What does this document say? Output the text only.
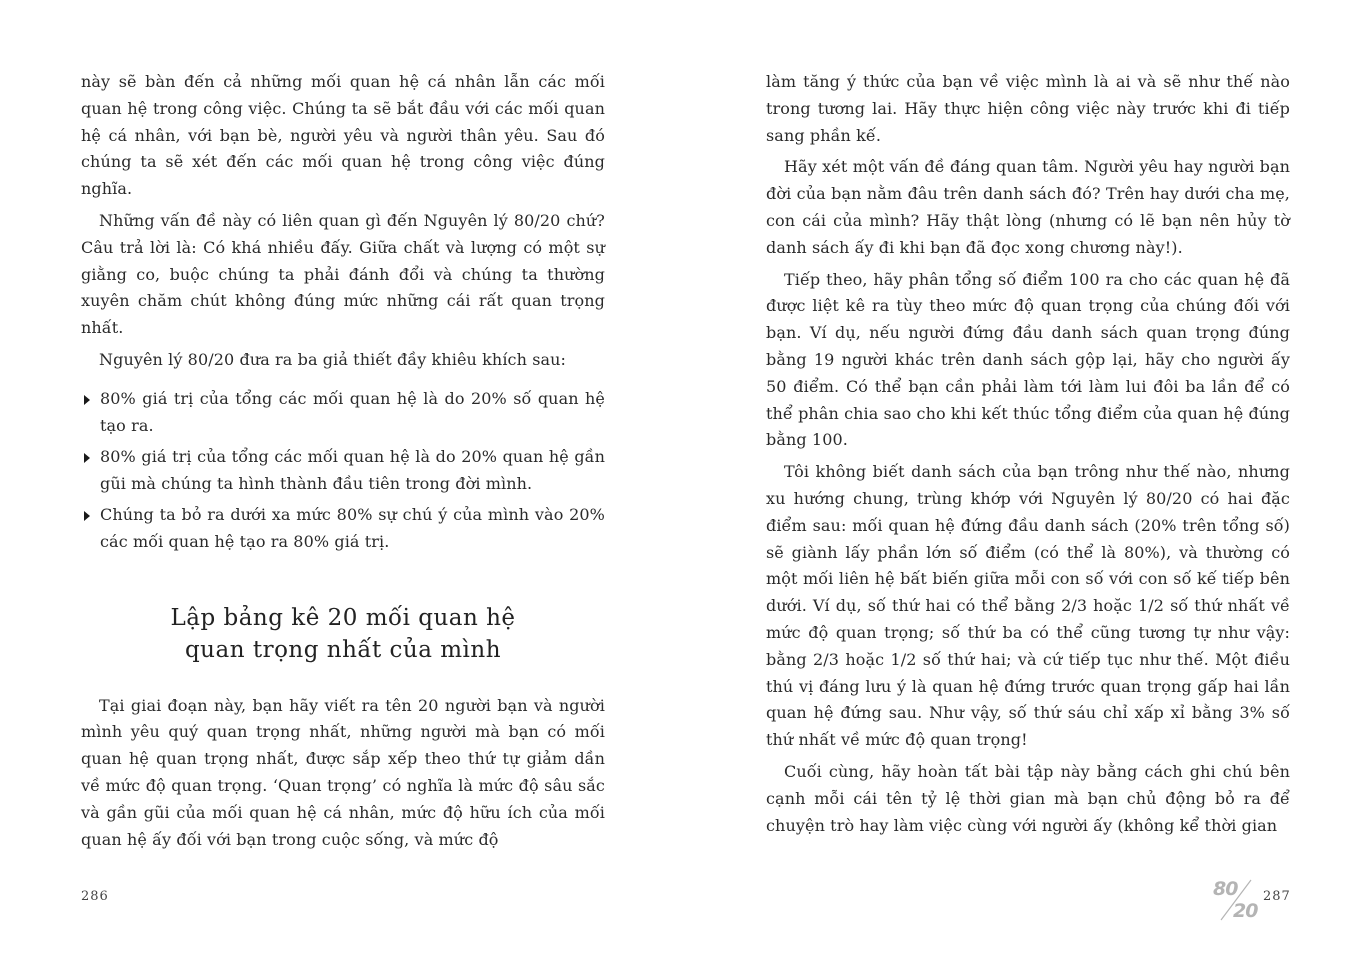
này sẽ bàn đến cả những mối quan hệ cá nhân lẫn các mối quan hệ trong công việc. Chúng ta sẽ bắt đầu với các mối quan hệ cá nhân, với bạn bè, người yêu và người thân yêu. Sau đó chúng ta sẽ xét đến các mối quan hệ trong công việc đúng nghĩa.

Những vấn đề này có liên quan gì đến Nguyên lý 80/20 chứ? Câu trả lời là: Có khá nhiều đấy. Giữa chất và lượng có một sự giằng co, buộc chúng ta phải đánh đổi và chúng ta thường xuyên chăm chút không đúng mức những cái rất quan trọng nhất.

Nguyên lý 80/20 đưa ra ba giả thiết đầy khiêu khích sau:

80% giá trị của tổng các mối quan hệ là do 20% số quan hệ tạo ra.
80% giá trị của tổng các mối quan hệ là do 20% quan hệ gần gũi mà chúng ta hình thành đầu tiên trong đời mình.
Chúng ta bỏ ra dưới xa mức 80% sự chú ý của mình vào 20% các mối quan hệ tạo ra 80% giá trị.
Lập bảng kê 20 mối quan hệ
quan trọng nhất của mình

Tại giai đoạn này, bạn hãy viết ra tên 20 người bạn và người mình yêu quý quan trọng nhất, những người mà bạn có mối quan hệ quan trọng nhất, được sắp xếp theo thứ tự giảm dần về mức độ quan trọng. ‘Quan trọng’ có nghĩa là mức độ sâu sắc và gần gũi của mối quan hệ cá nhân, mức độ hữu ích của mối quan hệ ấy đối với bạn trong cuộc sống, và mức độ

286

làm tăng ý thức của bạn về việc mình là ai và sẽ như thế nào trong tương lai. Hãy thực hiện công việc này trước khi đi tiếp sang phần kế.

Hãy xét một vấn đề đáng quan tâm. Người yêu hay người bạn đời của bạn nằm đâu trên danh sách đó? Trên hay dưới cha mẹ, con cái của mình? Hãy thật lòng (nhưng có lẽ bạn nên hủy tờ danh sách ấy đi khi bạn đã đọc xong chương này!).

Tiếp theo, hãy phân tổng số điểm 100 ra cho các quan hệ đã được liệt kê ra tùy theo mức độ quan trọng của chúng đối với bạn. Ví dụ, nếu người đứng đầu danh sách quan trọng đúng bằng 19 người khác trên danh sách gộp lại, hãy cho người ấy 50 điểm. Có thể bạn cần phải làm tới làm lui đôi ba lần để có thể phân chia sao cho khi kết thúc tổng điểm của quan hệ đúng bằng 100.

Tôi không biết danh sách của bạn trông như thế nào, nhưng xu hướng chung, trùng khớp với Nguyên lý 80/20 có hai đặc điểm sau: mối quan hệ đứng đầu danh sách (20% trên tổng số) sẽ giành lấy phần lớn số điểm (có thể là 80%), và thường có một mối liên hệ bất biến giữa mỗi con số với con số kế tiếp bên dưới. Ví dụ, số thứ hai có thể bằng 2/3 hoặc 1/2 số thứ nhất về mức độ quan trọng; số thứ ba có thể cũng tương tự như vậy: bằng 2/3 hoặc 1/2 số thứ hai; và cứ tiếp tục như thế. Một điều thú vị đáng lưu ý là quan hệ đứng trước quan trọng gấp hai lần quan hệ đứng sau. Như vậy, số thứ sáu chỉ xấp xỉ bằng 3% số thứ nhất về mức độ quan trọng!

Cuối cùng, hãy hoàn tất bài tập này bằng cách ghi chú bên cạnh mỗi cái tên tỷ lệ thời gian mà bạn chủ động bỏ ra để chuyện trò hay làm việc cùng với người ấy (không kể thời gian

80
20
287
